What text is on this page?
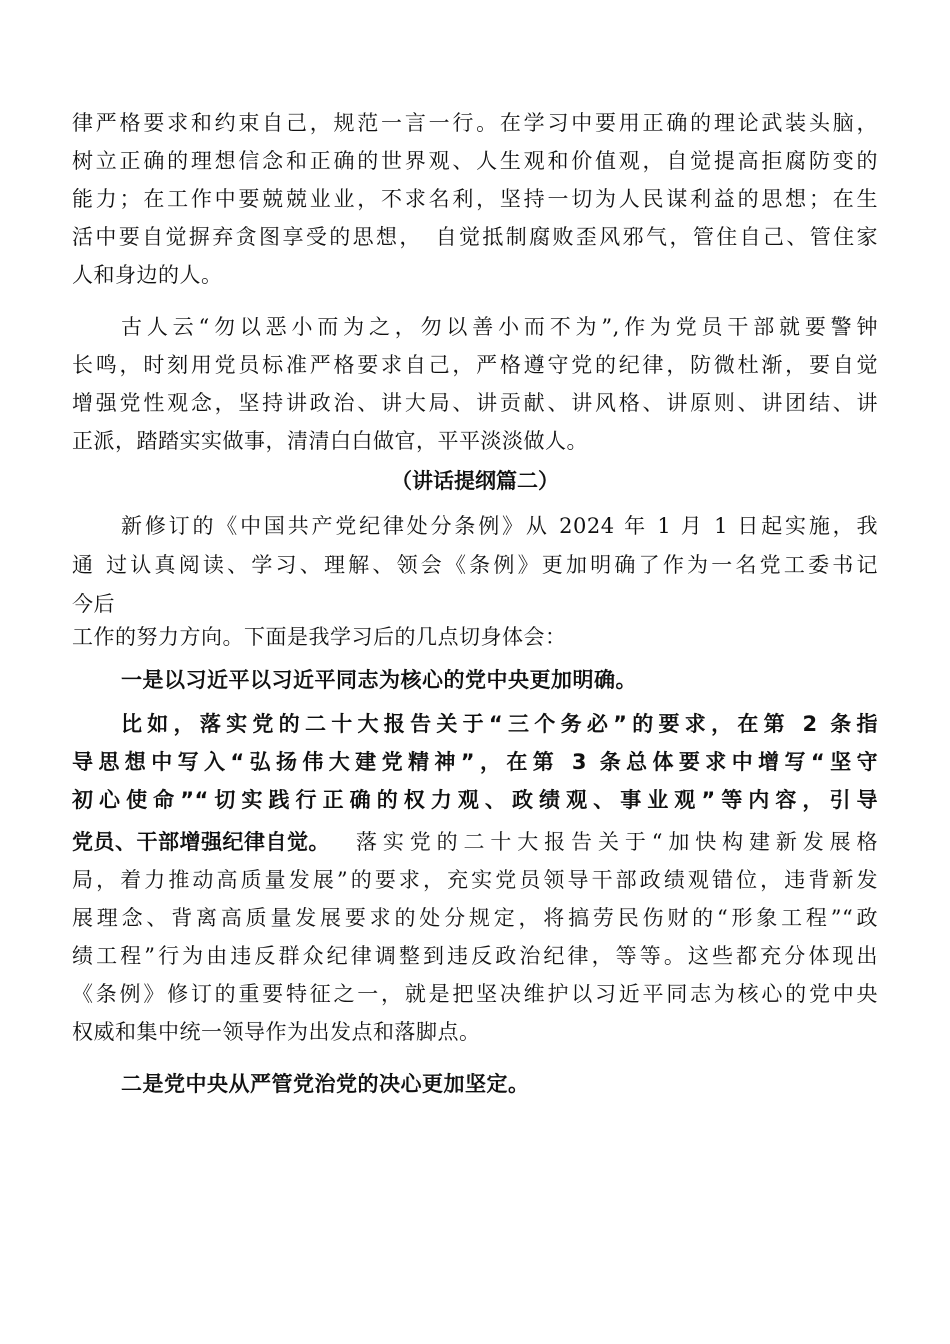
律严格要求和约束自己，规范一言一行。在学习中要用正确的理论武装头脑，
树立正确的理想信念和正确的世界观、人生观和价值观，自觉提高拒腐防变的
能力；在工作中要兢兢业业，不求名利，坚持一切为人民谋利益的思想；在生
活中要自觉摒弃贪图享受的思想，　自觉抵制腐败歪风邪气，管住自己、管住家
人和身边的人。
古人云“勿以恶小而为之，勿以善小而不为”,作为党员干部就要警钟
长鸣，时刻用党员标准严格要求自己，严格遵守党的纪律，防微杜渐，要自觉
增强党性观念，坚持讲政治、讲大局、讲贡献、讲风格、讲原则、讲团结、讲
正派，踏踏实实做事，清清白白做官，平平淡淡做人。
（讲话提纲篇二）
新修订的《中国共产党纪律处分条例》从 2024 年 1 月 1 日起实施，我
通 过认真阅读、学习、理解、领会《条例》更加明确了作为一名党工委书记
今后
工作的努力方向。下面是我学习后的几点切身体会：
一是以习近平以习近平同志为核心的党中央更加明确。
比如，落实党的二十大报告关于“三个务必”的要求，在第 2 条指
导思想中写入“弘扬伟大建党精神”，在第 3 条总体要求中增写“坚守
初心使命”“切实践行正确的权力观、政绩观、事业观”等内容，引导
党员、干部增强纪律自觉。	落实党的二十大报告关于“加快构建新发展格
局，着力推动高质量发展”的要求，充实党员领导干部政绩观错位，违背新发
展理念、背离高质量发展要求的处分规定，将搞劳民伤财的“形象工程”“政
绩工程”行为由违反群众纪律调整到违反政治纪律，等等。这些都充分体现出
《条例》修订的重要特征之一，就是把坚决维护以习近平同志为核心的党中央
权威和集中统一领导作为出发点和落脚点。
二是党中央从严管党治党的决心更加坚定。
